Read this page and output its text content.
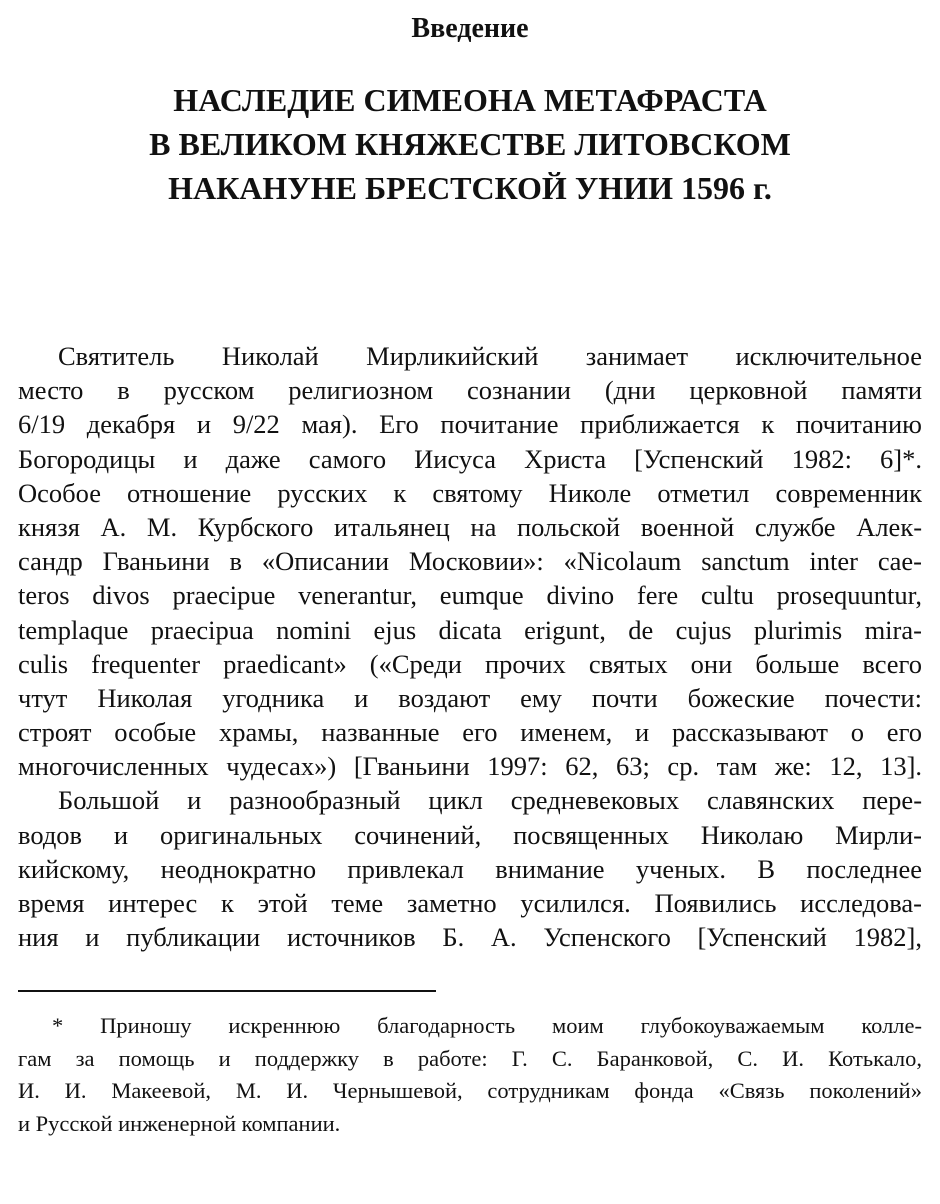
Введение
НАСЛЕДИЕ СИМЕОНА МЕТАФРАСТА
В ВЕЛИКОМ КНЯЖЕСТВЕ ЛИТОВСКОМ
НАКАНУНЕ БРЕСТСКОЙ УНИИ 1596 г.
Святитель Николай Мирликийский занимает исключительное
место в русском религиозном сознании (дни церковной памяти
6/19 декабря и 9/22 мая). Его почитание приближается к почитанию
Богородицы и даже самого Иисуса Христа [Успенский 1982: 6]*.
Особое отношение русских к святому Николе отметил современник
князя А. М. Курбского итальянец на польской военной службе Алек-
сандр Гваньини в «Описании Московии»: «Nicolaum sanctum inter cae-
teros divos praecipue venerantur, eumque divino fere cultu prosequuntur,
templaque praecipua nomini ejus dicata erigunt, de cujus plurimis mira-
culis frequenter praedicant» («Среди прочих святых они больше всего
чтут Николая угодника и воздают ему почти божеские почести:
строят особые храмы, названные его именем, и рассказывают о его
многочисленных чудесах») [Гваньини 1997: 62, 63; ср. там же: 12, 13].
Большой и разнообразный цикл средневековых славянских пере-
водов и оригинальных сочинений, посвященных Николаю Мирли-
кийскому, неоднократно привлекал внимание ученых. В последнее
время интерес к этой теме заметно усилился. Появились исследова-
ния и публикации источников Б. А. Успенского [Успенский 1982],
* Приношу искреннюю благодарность моим глубокоуважаемым колле-
гам за помощь и поддержку в работе: Г. С. Баранковой, С. И. Котькало,
И. И. Макеевой, М. И. Чернышевой, сотрудникам фонда «Связь поколений»
и Русской инженерной компании.
